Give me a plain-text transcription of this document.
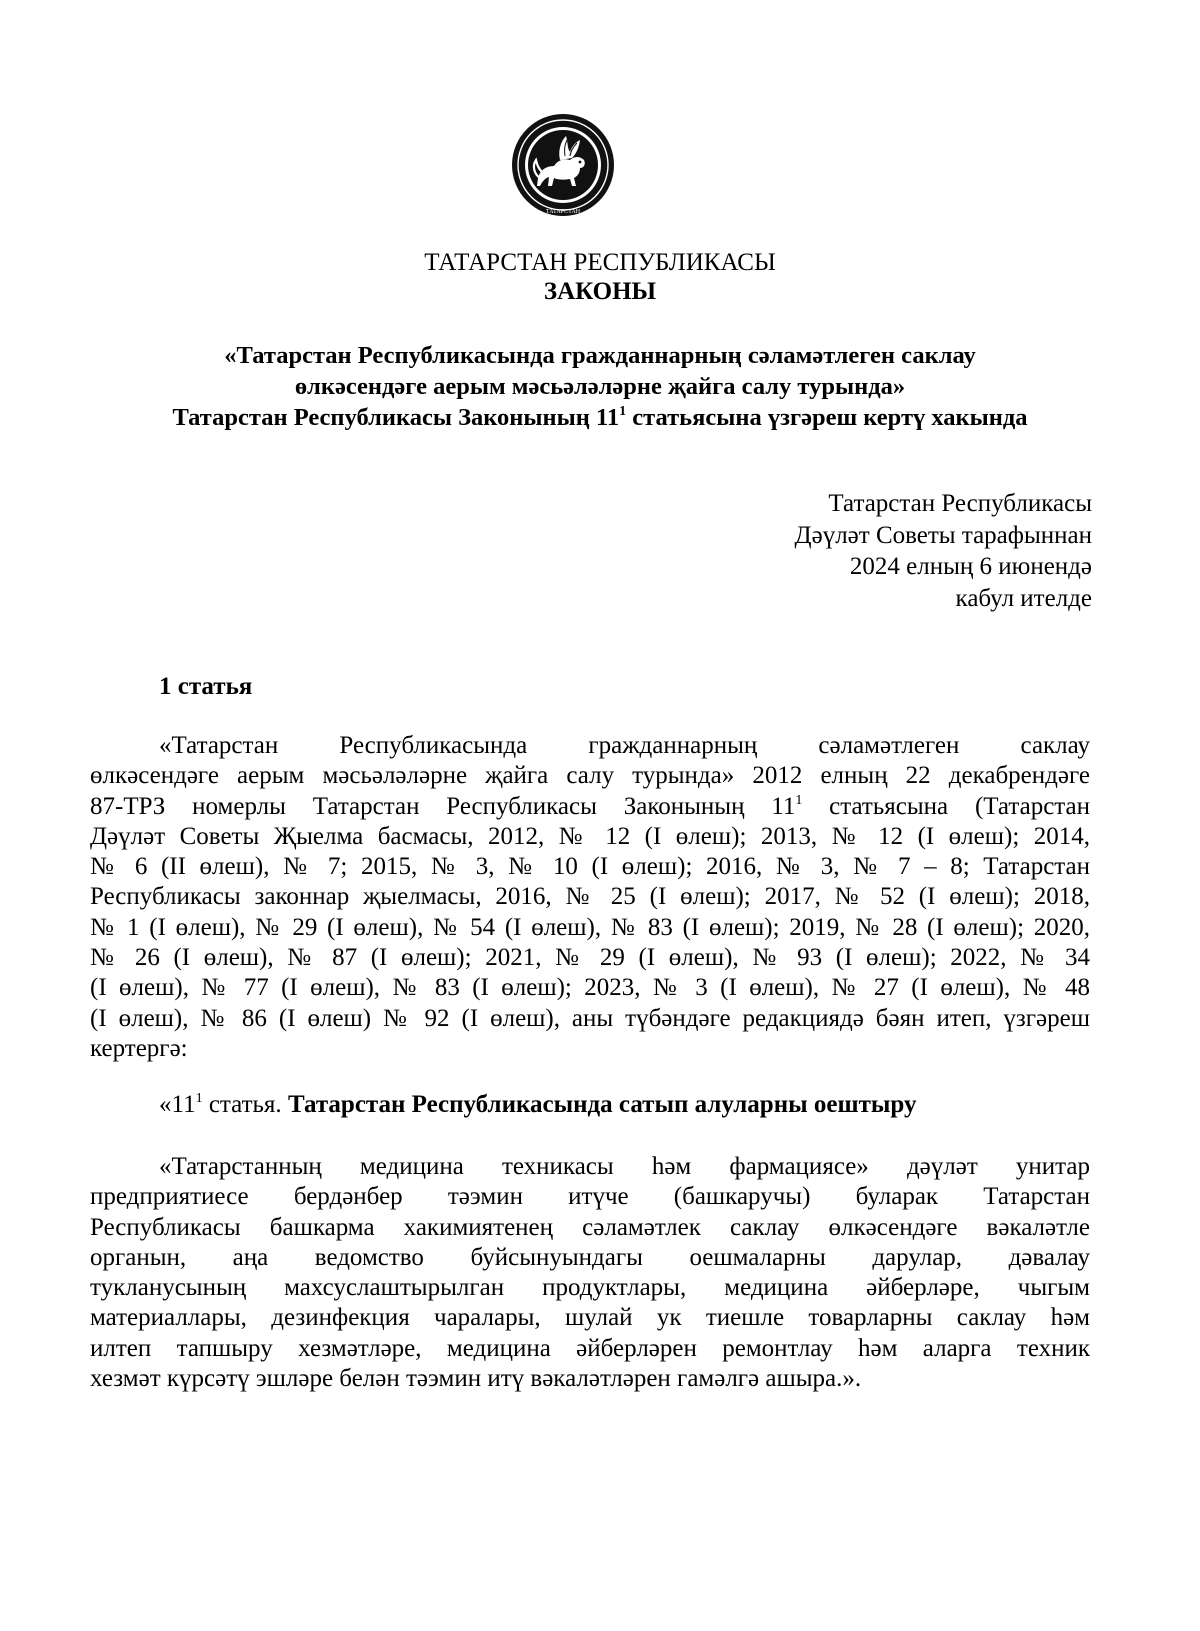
ТАТАРСТАН
ТАТАРСТАН РЕСПУБЛИКАСЫ
ЗАКОНЫ
«Татарстан Республикасында гражданнарның сәламәтлеген саклау
өлкәсендәге аерым мәсьәләләрне җайга салу турында»
Татарстан Республикасы Законының $11^1$ статьясына үзгәреш кертү хакында
Татарстан Республикасы
Дәүләт Советы тарафыннан
2024 елның 6 июнендә
кабул ителде
1 статья
«Татарстан Республикасында гражданнарның сәламәтлеген саклау
өлкәсендәге аерым мәсьәләләрне җайга салу турында» 2012 елның 22 декабрендәге
87-ТРЗ номерлы Татарстан Республикасы Законының $11^1$ статьясына (Татарстан
Дәүләт Советы Җыелма басмасы, 2012, № 12 (I өлеш); 2013, № 12 (I өлеш); 2014,
№ 6 (II өлеш), № 7; 2015, № 3, № 10 (I өлеш); 2016, № 3, № 7 – 8; Татарстан
Республикасы законнар җыелмасы, 2016, № 25 (I өлеш); 2017, № 52 (I өлеш); 2018,
№ 1 (I өлеш), № 29 (I өлеш), № 54 (I өлеш), № 83 (I өлеш); 2019, № 28 (I өлеш); 2020,
№ 26 (I өлеш), № 87 (I өлеш); 2021, № 29 (I өлеш), № 93 (I өлеш); 2022, № 34
(I өлеш), № 77 (I өлеш), № 83 (I өлеш); 2023, № 3 (I өлеш), № 27 (I өлеш), № 48
(I өлеш), № 86 (I өлеш) № 92 (I өлеш), аны түбәндәге редакциядә бәян итеп, үзгәреш
кертергә:
«$11^1$ статья. Татарстан Республикасында сатып алуларны оештыру
«Татарстанның медицина техникасы һәм фармациясе» дәүләт унитар
предприятиесе бердәнбер тәэмин итүче (башкаручы) буларак Татарстан
Республикасы башкарма хакимиятенең сәламәтлек саклау өлкәсендәге вәкаләтле
органын, аңа ведомство буйсынуындагы оешмаларны дарулар, дәвалау
тукланусының махсуслаштырылган продуктлары, медицина әйберләре, чыгым
материаллары, дезинфекция чаралары, шулай ук тиешле товарларны саклау һәм
илтеп тапшыру хезмәтләре, медицина әйберләрен ремонтлау һәм аларга техник
хезмәт күрсәтү эшләре белән тәэмин итү вәкаләтләрен гамәлгә ашыра.».
